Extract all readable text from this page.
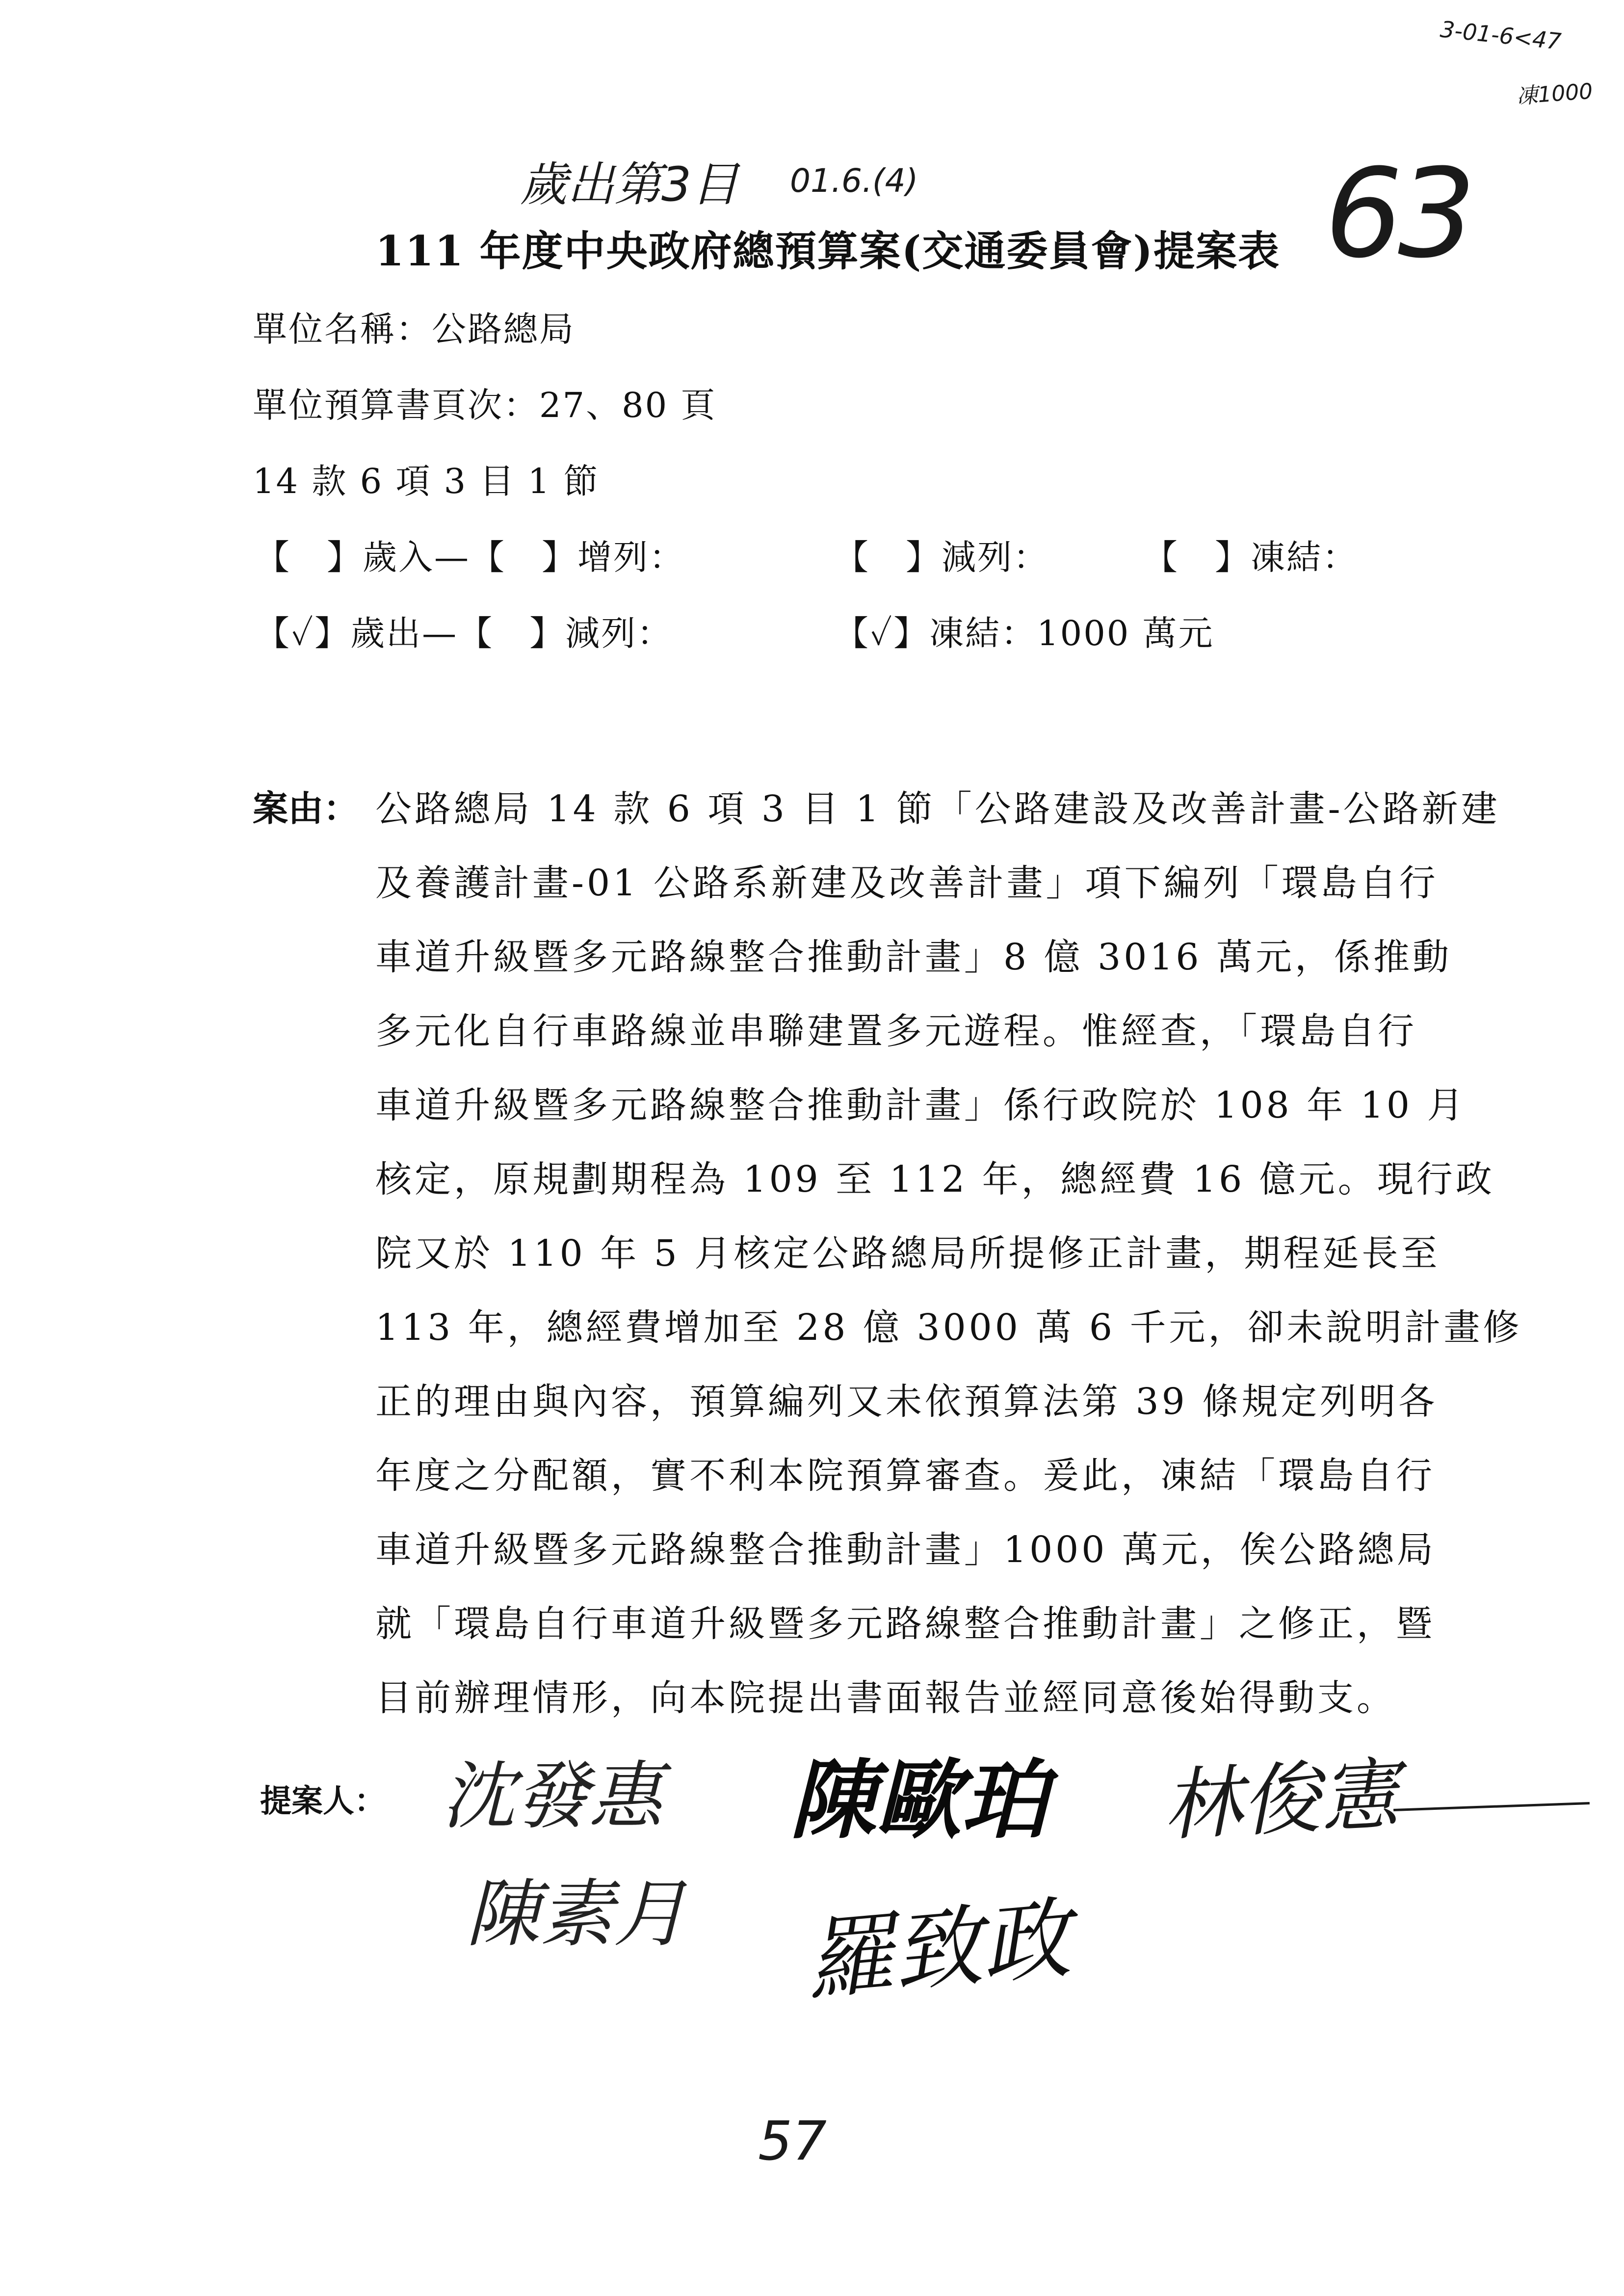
3-01-6<47
凍1000
歲出第3目 01.6.(4)	63
111 年度中央政府總預算案(交通委員會)提案表
單位名稱：公路總局
單位預算書頁次：27、80 頁
14 款 6 項 3 目 1 節
【　】歲入—【　】增列：	【　】減列：	【　】凍結：
【✓】歲出—【　】減列：	【✓】凍結：1000 萬元
案由： 公路總局 14 款 6 項 3 目 1 節「公路建設及改善計畫-公路新建
及養護計畫-01 公路系新建及改善計畫」項下編列「環島自行
車道升級暨多元路線整合推動計畫」8 億 3016 萬元，係推動
多元化自行車路線並串聯建置多元遊程。惟經查，「環島自行
車道升級暨多元路線整合推動計畫」係行政院於 108 年 10 月
核定，原規劃期程為 109 至 112 年，總經費 16 億元。現行政
院又於 110 年 5 月核定公路總局所提修正計畫，期程延長至
113 年，總經費增加至 28 億 3000 萬 6 千元，卻未說明計畫修
正的理由與內容，預算編列又未依預算法第 39 條規定列明各
年度之分配額，實不利本院預算審查。爰此，凍結「環島自行
車道升級暨多元路線整合推動計畫」1000 萬元，俟公路總局
就「環島自行車道升級暨多元路線整合推動計畫」之修正，暨
目前辦理情形，向本院提出書面報告並經同意後始得動支。
提案人： 沈發惠 陳歐珀 林俊憲
陳素月 羅致政
57
